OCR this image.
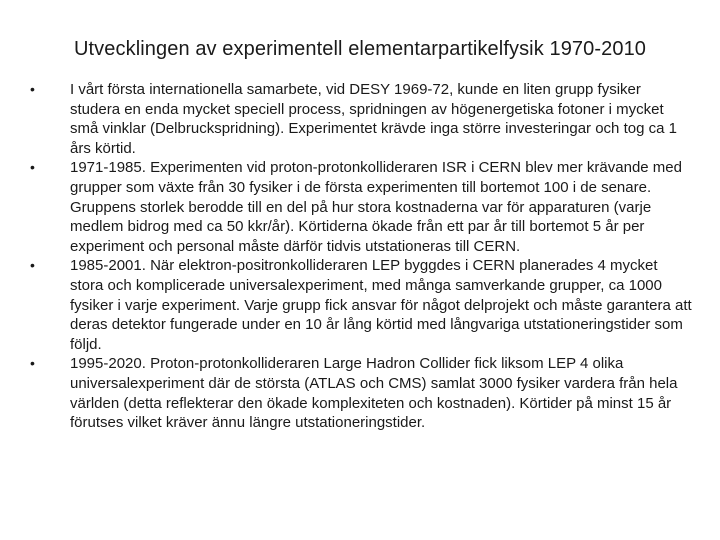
Utvecklingen av experimentell elementarpartikelfysik 1970-2010
•	I vårt första internationella samarbete, vid DESY 1969-72, kunde en liten grupp fysiker studera en enda mycket speciell process, spridningen av högenergetiska fotoner i mycket små vinklar (Delbruckspridning). Experimentet krävde inga större investeringar och tog ca 1 års körtid.
•	1971-1985. Experimenten vid proton-protonkollideraren ISR i CERN blev mer krävande med grupper som växte från 30 fysiker i de första experimenten till bortemot 100 i de senare. Gruppens storlek berodde till en del på hur stora kostnaderna var för apparaturen (varje medlem bidrog med ca 50 kkr/år). Körtiderna ökade från ett par år till bortemot 5 år per experiment och personal måste därför tidvis utstationeras till CERN.
•	1985-2001. När elektron-positronkollideraren LEP byggdes i CERN planerades 4 mycket stora och komplicerade universalexperiment, med många samverkande grupper, ca 1000 fysiker i varje experiment. Varje grupp fick ansvar för något delprojekt och måste garantera att deras detektor fungerade under en 10 år lång körtid med långvariga utstationeringstider som följd.
•	1995-2020. Proton-protonkollideraren Large Hadron Collider fick liksom LEP 4 olika universalexperiment där de största (ATLAS och CMS) samlat 3000 fysiker vardera från hela världen (detta reflekterar den ökade komplexiteten och kostnaden). Körtider på minst 15 år förutses vilket kräver ännu längre utstationeringstider.
